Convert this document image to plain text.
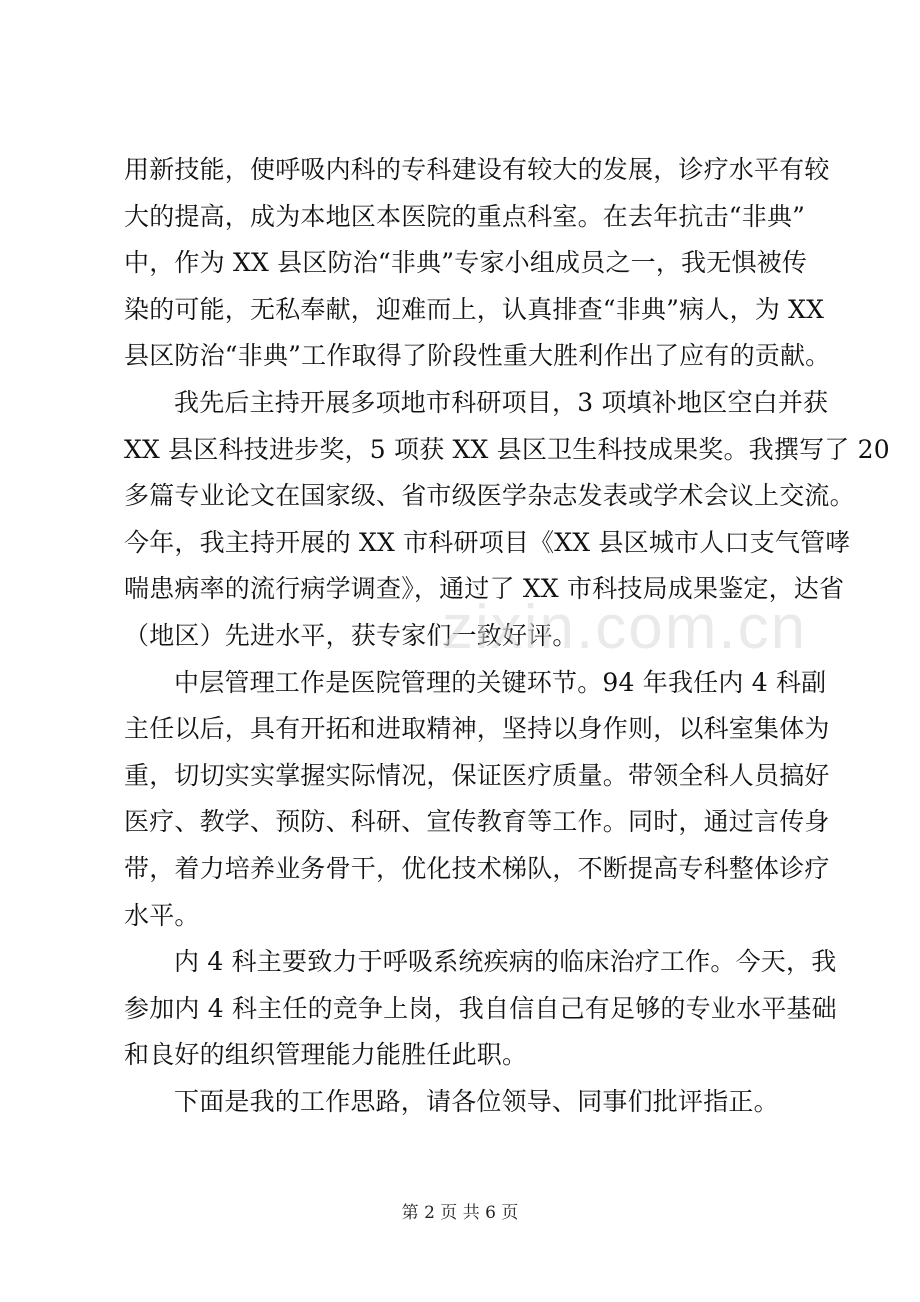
用新技能，使呼吸内科的专科建设有较大的发展，诊疗水平有较
大的提高，成为本地区本医院的重点科室。在去年抗击“非典”
中，作为 XX 县区防治“非典”专家小组成员之一，我无惧被传
染的可能，无私奉献，迎难而上，认真排查“非典”病人，为 XX
县区防治“非典”工作取得了阶段性重大胜利作出了应有的贡献。
我先后主持开展多项地市科研项目，3 项填补地区空白并获
XX 县区科技进步奖，5 项获 XX 县区卫生科技成果奖。我撰写了 20
多篇专业论文在国家级、省市级医学杂志发表或学术会议上交流。
今年，我主持开展的 XX 市科研项目《XX 县区城市人口支气管哮
喘患病率的流行病学调查》，通过了 XX 市科技局成果鉴定，达省
（地区）先进水平，获专家们一致好评。
中层管理工作是医院管理的关键环节。94 年我任内 4 科副
主任以后，具有开拓和进取精神，坚持以身作则，以科室集体为
重，切切实实掌握实际情况，保证医疗质量。带领全科人员搞好
医疗、教学、预防、科研、宣传教育等工作。同时，通过言传身
带，着力培养业务骨干，优化技术梯队，不断提高专科整体诊疗
水平。
内 4 科主要致力于呼吸系统疾病的临床治疗工作。今天，我
参加内 4 科主任的竞争上岗，我自信自己有足够的专业水平基础
和良好的组织管理能力能胜任此职。
下面是我的工作思路，请各位领导、同事们批评指正。
zixin.com.cn
第 2 页 共 6 页
